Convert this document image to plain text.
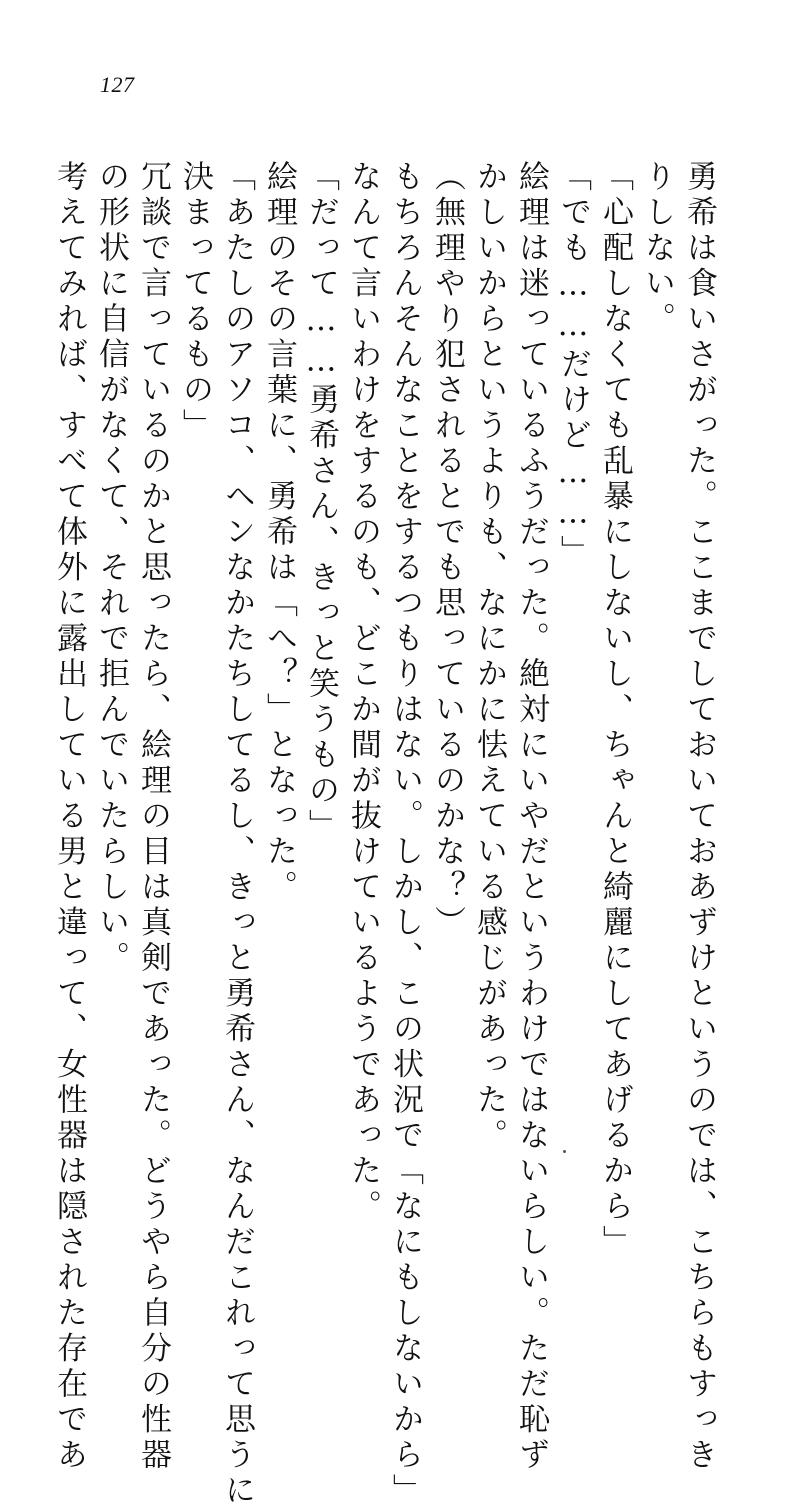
127
勇希は食いさがった。ここまでしておいておあずけというのでは、こちらもすっき
りしない。
「心配しなくても乱暴にしないし、ちゃんと綺麗にしてあげるから」
「でも……だけど……」
絵理は迷っているふうだった。絶対にいやだというわけではないらしい。ただ恥ず
かしいからというよりも、なにかに怯えている感じがあった。
（無理やり犯されるとでも思っているのかな？）
もちろんそんなことをするつもりはない。しかし、この状況で「なにもしないから」
なんて言いわけをするのも、どこか間が抜けているようであった。
「だって……勇希さん、きっと笑うもの」
絵理のその言葉に、勇希は「へ？」となった。
「あたしのアソコ、ヘンなかたちしてるし、きっと勇希さん、なんだこれって思うに
決まってるもの」
冗談で言っているのかと思ったら、絵理の目は真剣であった。どうやら自分の性器
の形状に自信がなくて、それで拒んでいたらしい。
考えてみれば、すべて体外に露出している男と違って、女性器は隠された存在であ
